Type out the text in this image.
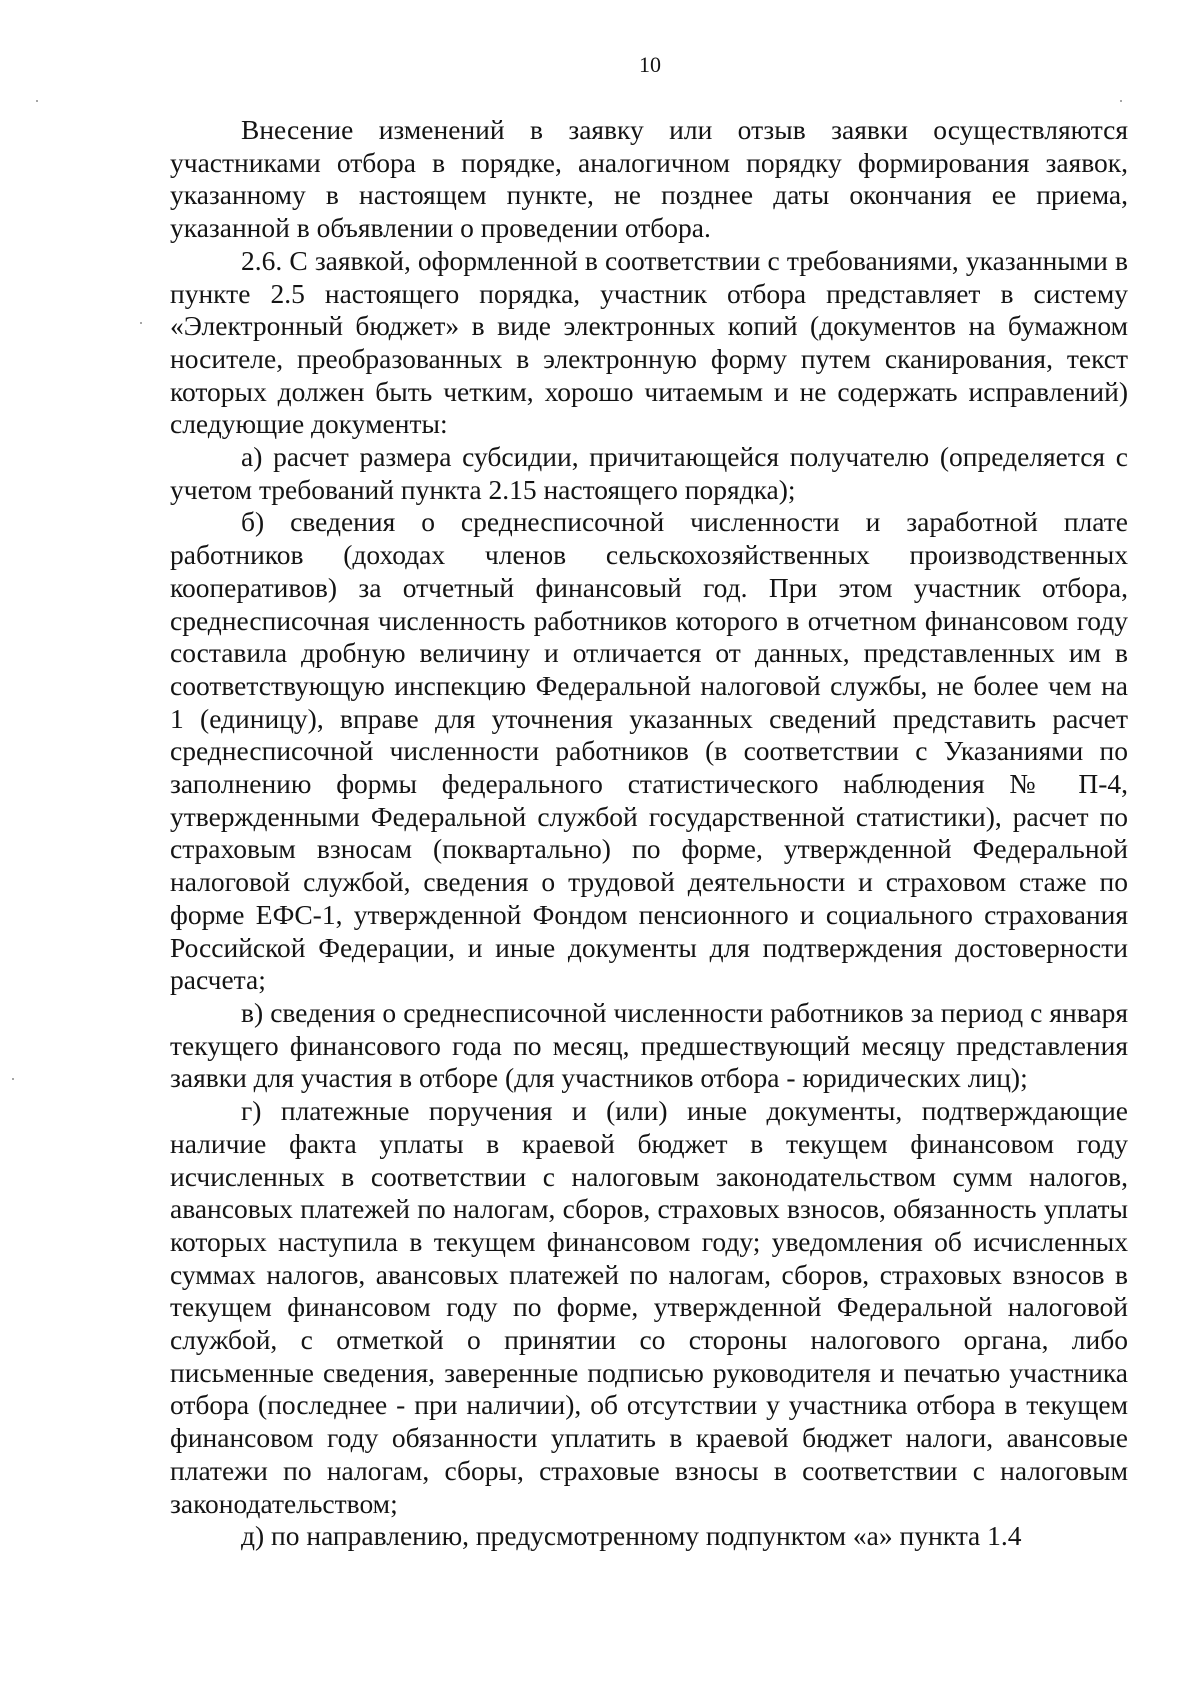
10

Внесение изменений в заявку или отзыв заявки осуществляются участниками отбора в порядке, аналогичном порядку формирования заявок, указанному в настоящем пункте, не позднее даты окончания ее приема, указанной в объявлении о проведении отбора.

2.6. С заявкой, оформленной в соответствии с требованиями, указанными в пункте 2.5 настоящего порядка, участник отбора представляет в систему «Электронный бюджет» в виде электронных копий (документов на бумажном носителе, преобразованных в электронную форму путем сканирования, текст которых должен быть четким, хорошо читаемым и не содержать исправлений) следующие документы:

а) расчет размера субсидии, причитающейся получателю (определяется с учетом требований пункта 2.15 настоящего порядка);

б) сведения о среднесписочной численности и заработной плате работников (доходах членов сельскохозяйственных производственных кооперативов) за отчетный финансовый год. При этом участник отбора, среднесписочная численность работников которого в отчетном финансовом году составила дробную величину и отличается от данных, представленных им в соответствующую инспекцию Федеральной налоговой службы, не более чем на 1 (единицу), вправе для уточнения указанных сведений представить расчет среднесписочной численности работников (в соответствии с Указаниями по заполнению формы федерального статистического наблюдения № П-4, утвержденными Федеральной службой государственной статистики), расчет по страховым взносам (поквартально) по форме, утвержденной Федеральной налоговой службой, сведения о трудовой деятельности и страховом стаже по форме ЕФС-1, утвержденной Фондом пенсионного и социального страхования Российской Федерации, и иные документы для подтверждения достоверности расчета;

в) сведения о среднесписочной численности работников за период с января текущего финансового года по месяц, предшествующий месяцу представления заявки для участия в отборе (для участников отбора - юридических лиц);

г) платежные поручения и (или) иные документы, подтверждающие наличие факта уплаты в краевой бюджет в текущем финансовом году исчисленных в соответствии с налоговым законодательством сумм налогов, авансовых платежей по налогам, сборов, страховых взносов, обязанность уплаты которых наступила в текущем финансовом году; уведомления об исчисленных суммах налогов, авансовых платежей по налогам, сборов, страховых взносов в текущем финансовом году по форме, утвержденной Федеральной налоговой службой, с отметкой о принятии со стороны налогового органа, либо письменные сведения, заверенные подписью руководителя и печатью участника отбора (последнее - при наличии), об отсутствии у участника отбора в текущем финансовом году обязанности уплатить в краевой бюджет налоги, авансовые платежи по налогам, сборы, страховые взносы в соответствии с налоговым законодательством;

д) по направлению, предусмотренному подпунктом «а» пункта 1.4
